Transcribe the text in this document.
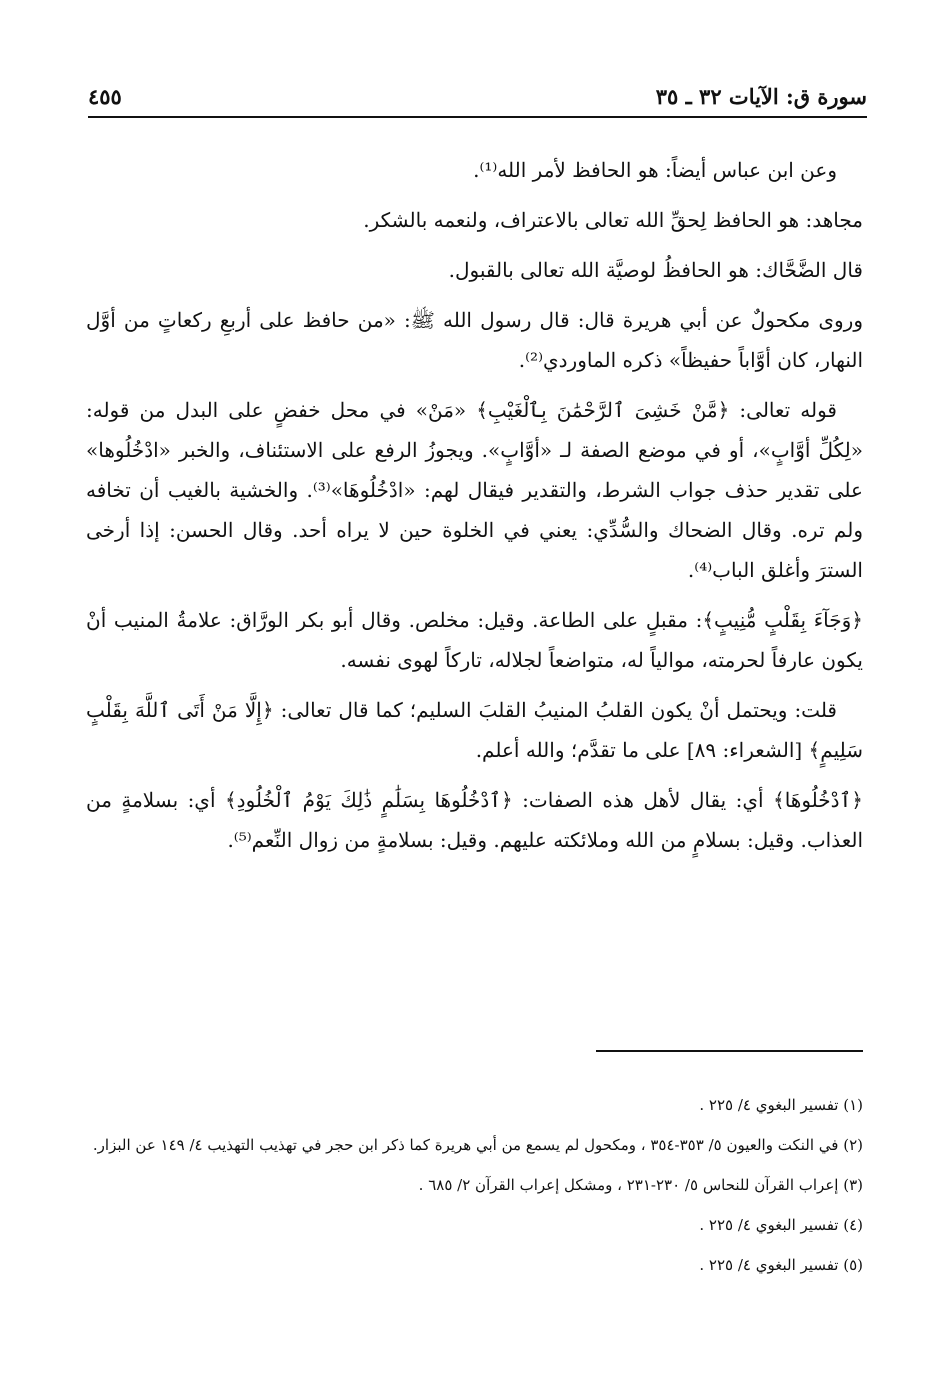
سورة ق: الآيات ٣٢ ـ ٣٥
٤٥٥

وعن ابن عباس أيضاً: هو الحافظ لأمر الله⁽¹⁾.

مجاهد: هو الحافظ لِحقِّ الله تعالى بالاعتراف، ولنعمه بالشكر.

قال الضَّحَّاك: هو الحافظُ لوصيَّة الله تعالى بالقبول.

وروى مكحولٌ عن أبي هريرة قال: قال رسول الله ﷺ: «من حافظ على أربعِ ركعاتٍ من أوَّل النهار، كان أوَّاباً حفيظاً» ذكره الماوردي⁽²⁾.

قوله تعالى: ﴿مَّنْ خَشِىَ ٱلرَّحْمَٰنَ بِٱلْغَيْبِ﴾ «مَنْ» في محل خفضٍ على البدل من قوله: «لِكُلِّ أوَّابٍ»، أو في موضع الصفة لـ «أوَّابٍ». ويجوزُ الرفع على الاستئناف، والخبر «ادْخُلُوها» على تقدير حذف جواب الشرط، والتقدير فيقال لهم: «ادْخُلُوهَا»⁽³⁾. والخشية بالغيب أن تخافه ولم تره. وقال الضحاك والسُّدِّي: يعني في الخلوة حين لا يراه أحد. وقال الحسن: إذا أرخى السترَ وأغلق الباب⁽⁴⁾.

﴿وَجَآءَ بِقَلْبٍ مُّنِيبٍ﴾: مقبلٍ على الطاعة. وقيل: مخلص. وقال أبو بكر الورَّاق: علامةُ المنيب أنْ يكون عارفاً لحرمته، موالياً له، متواضعاً لجلاله، تاركاً لهوى نفسه.

قلت: ويحتمل أنْ يكون القلبُ المنيبُ القلبَ السليم؛ كما قال تعالى: ﴿إِلَّا مَنْ أَتَى ٱللَّهَ بِقَلْبٍ سَلِيمٍ﴾ [الشعراء: ٨٩] على ما تقدَّم؛ والله أعلم.

﴿ٱدْخُلُوهَا﴾ أي: يقال لأهل هذه الصفات: ﴿ٱدْخُلُوهَا بِسَلَٰمٍ ذَٰلِكَ يَوْمُ ٱلْخُلُودِ﴾ أي: بسلامةٍ من العذاب. وقيل: بسلامٍ من الله وملائكته عليهم. وقيل: بسلامةٍ من زوال النِّعم⁽⁵⁾.

(١) تفسير البغوي ٤/ ٢٢٥ .

(٢) في النكت والعيون ٥/ ٣٥٣-٣٥٤ ، ومكحول لم يسمع من أبي هريرة كما ذكر ابن حجر في تهذيب التهذيب ٤/ ١٤٩ عن البزار.

(٣) إعراب القرآن للنحاس ٥/ ٢٣٠-٢٣١ ، ومشكل إعراب القرآن ٢/ ٦٨٥ .

(٤) تفسير البغوي ٤/ ٢٢٥ .

(٥) تفسير البغوي ٤/ ٢٢٥ .
